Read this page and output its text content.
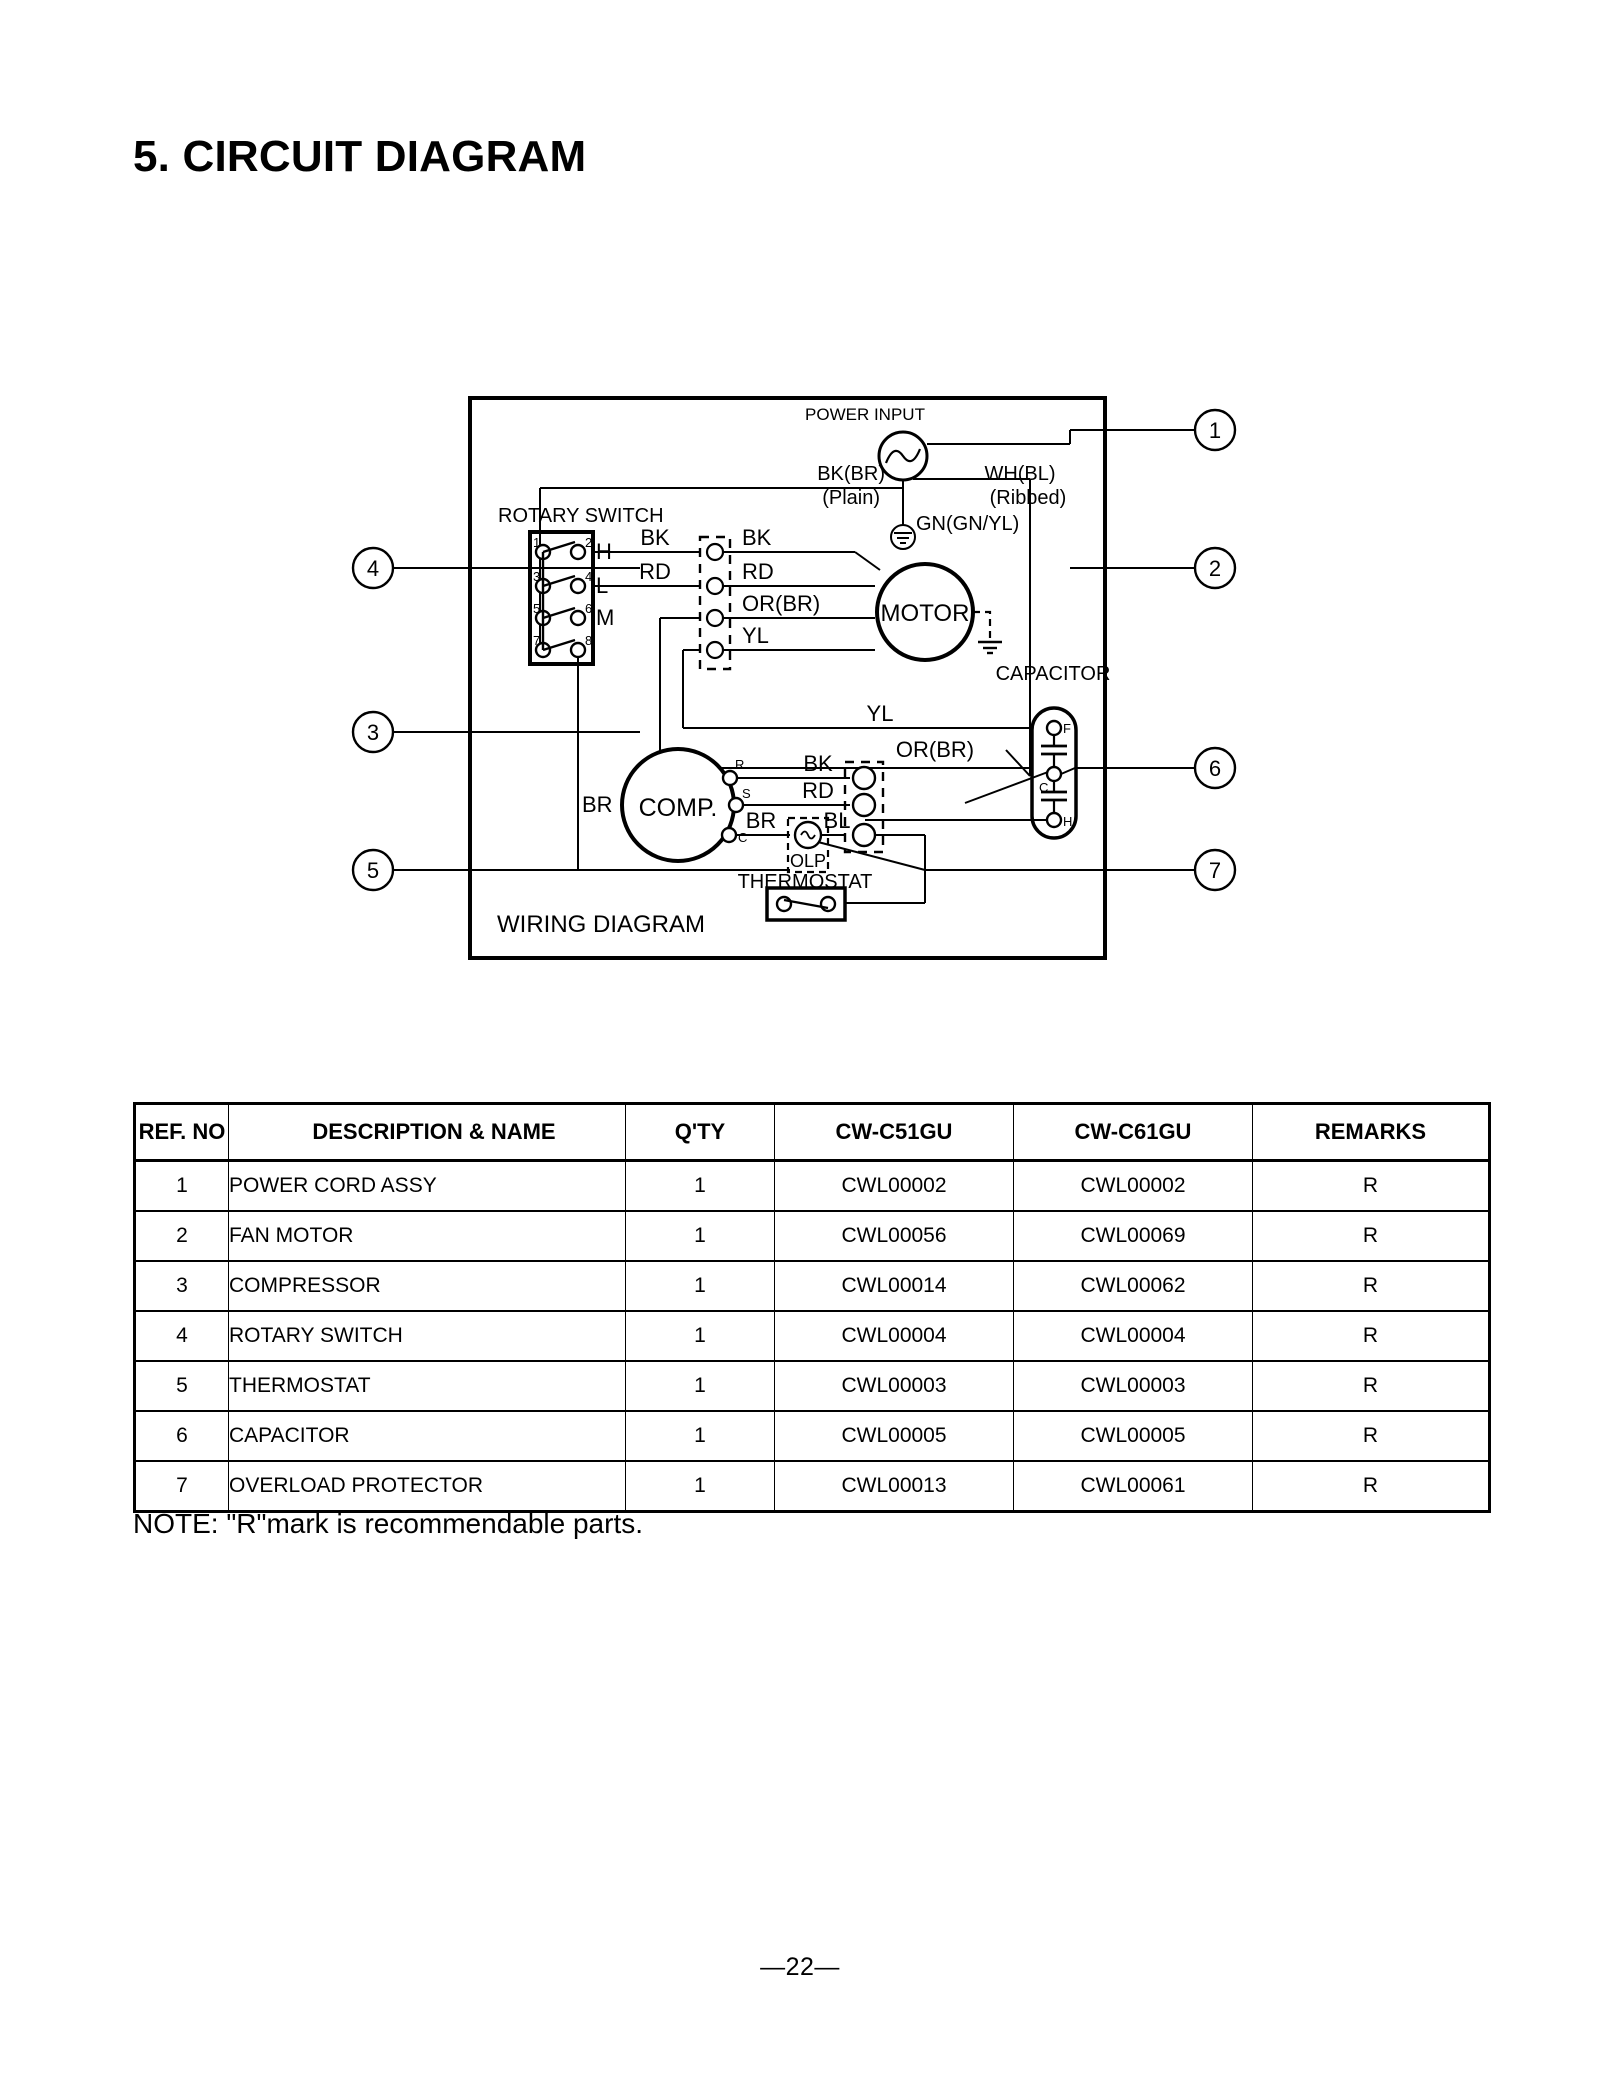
5. CIRCUIT DIAGRAM
POWER INPUT
BK(BR)
(Plain)
WH(BL)
(Ribbed)
GN(GN/YL)
ROTARY SWITCH
1	2
3	4
5	6
7	8
H
L
M
BK
RD
BR
BK
RD
OR(BR)
YL
MOTOR
CAPACITOR
F
C
H
YL
OR(BR)
COMP.
R
S
C
BK
RD
BR BL
OLP
THERMOSTAT
4
3
5
1
2
6
7
WIRING DIAGRAM
REF. NO	DESCRIPTION & NAME	Q'TY	CW-C51GU	CW-C61GU	REMARKS
1	POWER CORD ASSY	1	CWL00002	CWL00002	R
2	FAN MOTOR	1	CWL00056	CWL00069	R
3	COMPRESSOR	1	CWL00014	CWL00062	R
4	ROTARY SWITCH	1	CWL00004	CWL00004	R
5	THERMOSTAT	1	CWL00003	CWL00003	R
6	CAPACITOR	1	CWL00005	CWL00005	R
7	OVERLOAD PROTECTOR	1	CWL00013	CWL00061	R
NOTE: "R"mark is recommendable parts.
—22—
